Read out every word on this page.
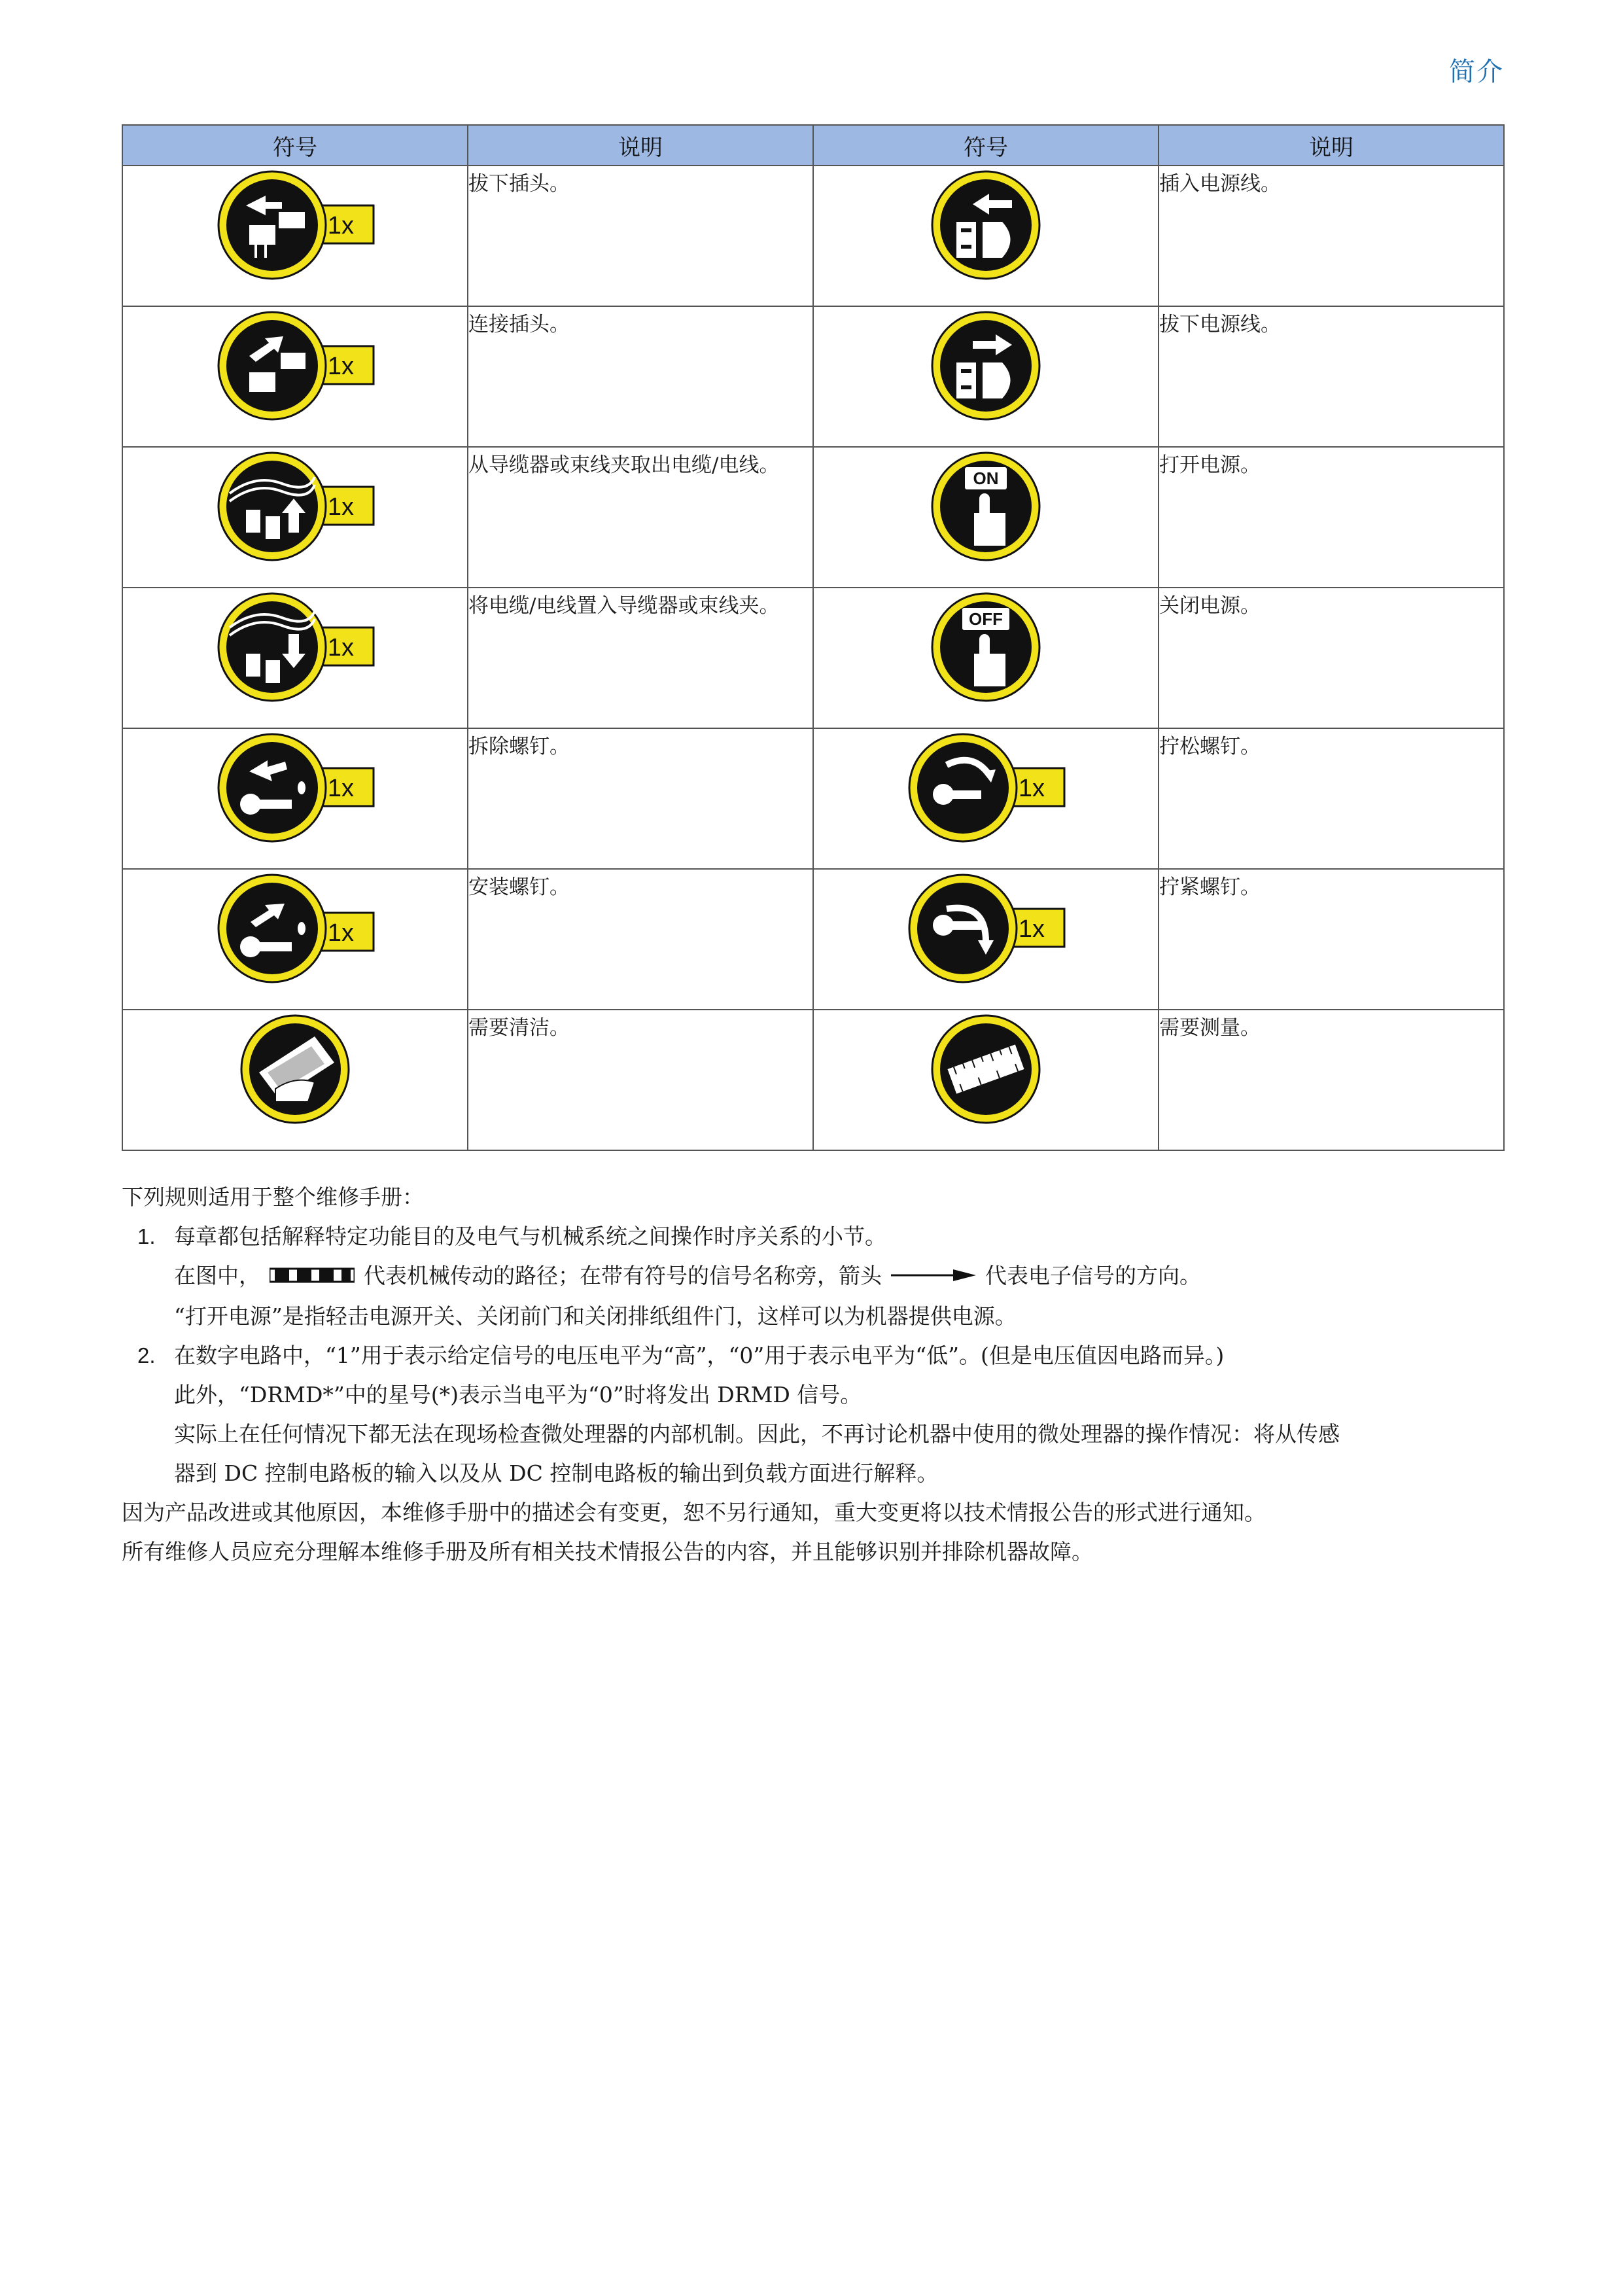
简介
符号	说明	符号	说明

1x	拔下插头。		插入电源线。

1x	连接插头。		拔下电源线。

1x	从导缆器或束线夹取出电缆/电线。	ON	打开电源。

1x	将电缆/电线置入导缆器或束线夹。	OFF	关闭电源。

1x	拆除螺钉。	1x	拧松螺钉。

1x	安装螺钉。	1x	拧紧螺钉。

	需要清洁。		需要测量。

下列规则适用于整个维修手册：

1. 每章都包括解释特定功能目的及电气与机械系统之间操作时序关系的小节。

在图中，	代表机械传动的路径；在带有符号的信号名称旁，箭头	代表电子信号的方向。

“打开电源”是指轻击电源开关、关闭前门和关闭排纸组件门，这样可以为机器提供电源。

2. 在数字电路中，“1”用于表示给定信号的电压电平为“高”，“0”用于表示电平为“低”。(但是电压值因电路而异。)

此外，“DRMD*”中的星号(*)表示当电平为“0”时将发出 DRMD 信号。

实际上在任何情况下都无法在现场检查微处理器的内部机制。因此，不再讨论机器中使用的微处理器的操作情况：将从传感

器到 DC 控制电路板的输入以及从 DC 控制电路板的输出到负载方面进行解释。

因为产品改进或其他原因，本维修手册中的描述会有变更，恕不另行通知，重大变更将以技术情报公告的形式进行通知。

所有维修人员应充分理解本维修手册及所有相关技术情报公告的内容，并且能够识别并排除机器故障。
